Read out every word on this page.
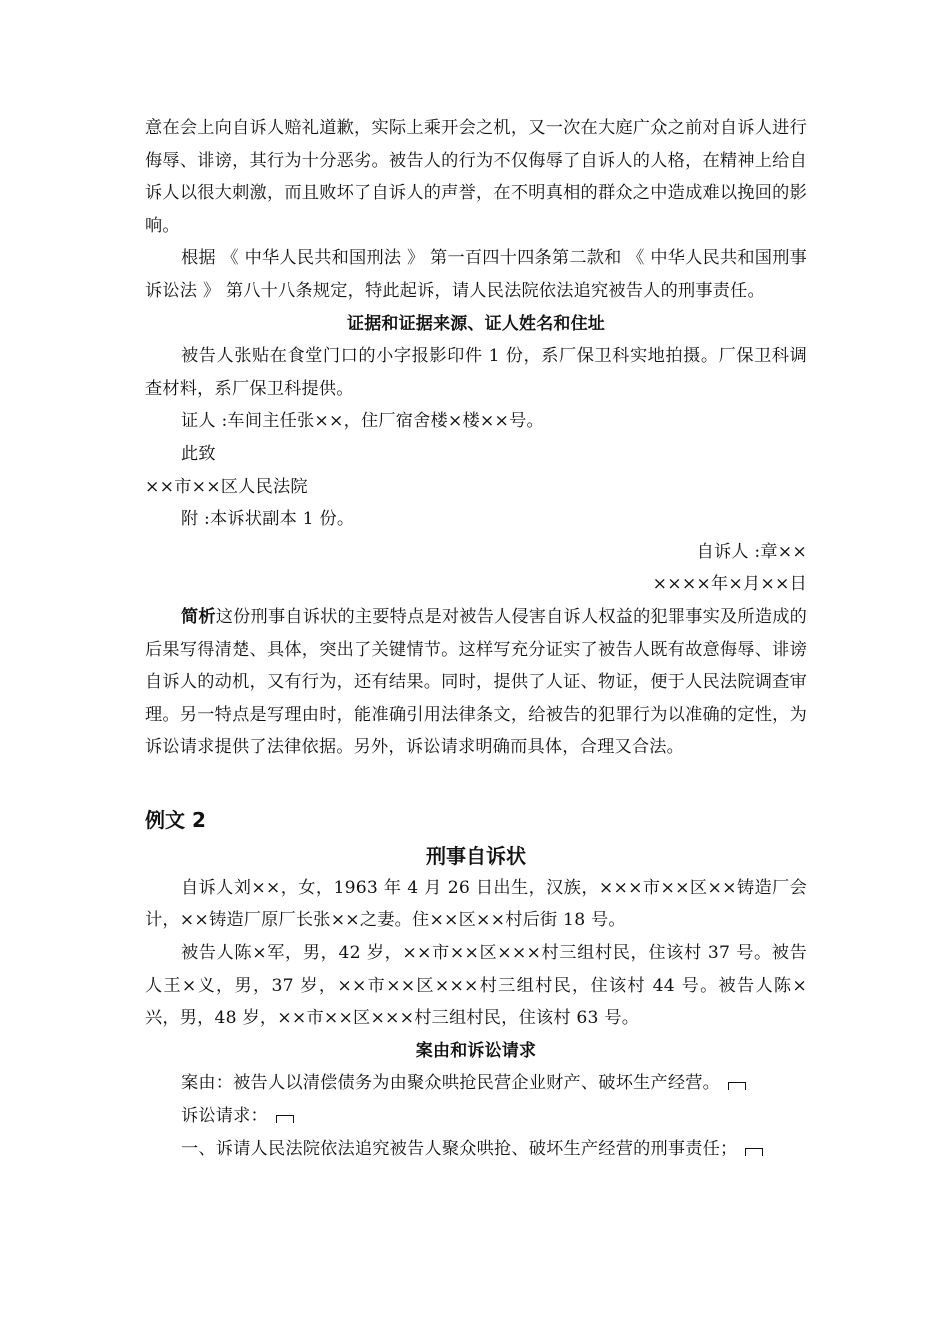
意在会上向自诉人赔礼道歉，实际上乘开会之机，又一次在大庭广众之前对自诉人进行侮辱、诽谤，其行为十分恶劣。被告人的行为不仅侮辱了自诉人的人格，在精神上给自诉人以很大刺激，而且败坏了自诉人的声誉，在不明真相的群众之中造成难以挽回的影响。

根据 《 中华人民共和国刑法 》 第一百四十四条第二款和 《 中华人民共和国刑事诉讼法 》 第八十八条规定，特此起诉，请人民法院依法追究被告人的刑事责任。

证据和证据来源、证人姓名和住址

被告人张贴在食堂门口的小字报影印件 1 份，系厂保卫科实地拍摄。厂保卫科调查材料，系厂保卫科提供。

证人 :车间主任张××，住厂宿舍楼×楼××号。

此致

××市××区人民法院

附 :本诉状副本 1 份。

自诉人 :章××

××××年×月××日

简析这份刑事自诉状的主要特点是对被告人侵害自诉人权益的犯罪事实及所造成的后果写得清楚、具体，突出了关键情节。这样写充分证实了被告人既有故意侮辱、诽谤自诉人的动机，又有行为，还有结果。同时，提供了人证、物证，便于人民法院调查审理。另一特点是写理由时，能准确引用法律条文，给被告的犯罪行为以准确的定性，为诉讼请求提供了法律依据。另外，诉讼请求明确而具体，合理又合法。

例文 2
刑事自诉状

自诉人刘××，女，1963 年 4 月 26 日出生，汉族，×××市××区××铸造厂会计，××铸造厂原厂长张××之妻。住××区××村后街 18 号。

被告人陈×军，男，42 岁，××市××区×××村三组村民，住该村 37 号。被告人王×义，男，37 岁，××市××区×××村三组村民，住该村 44 号。被告人陈×兴，男，48 岁，××市××区×××村三组村民，住该村 63 号。

案由和诉讼请求

案由：被告人以清偿债务为由聚众哄抢民营企业财产、破坏生产经营。

诉讼请求：

一、诉请人民法院依法追究被告人聚众哄抢、破坏生产经营的刑事责任；
